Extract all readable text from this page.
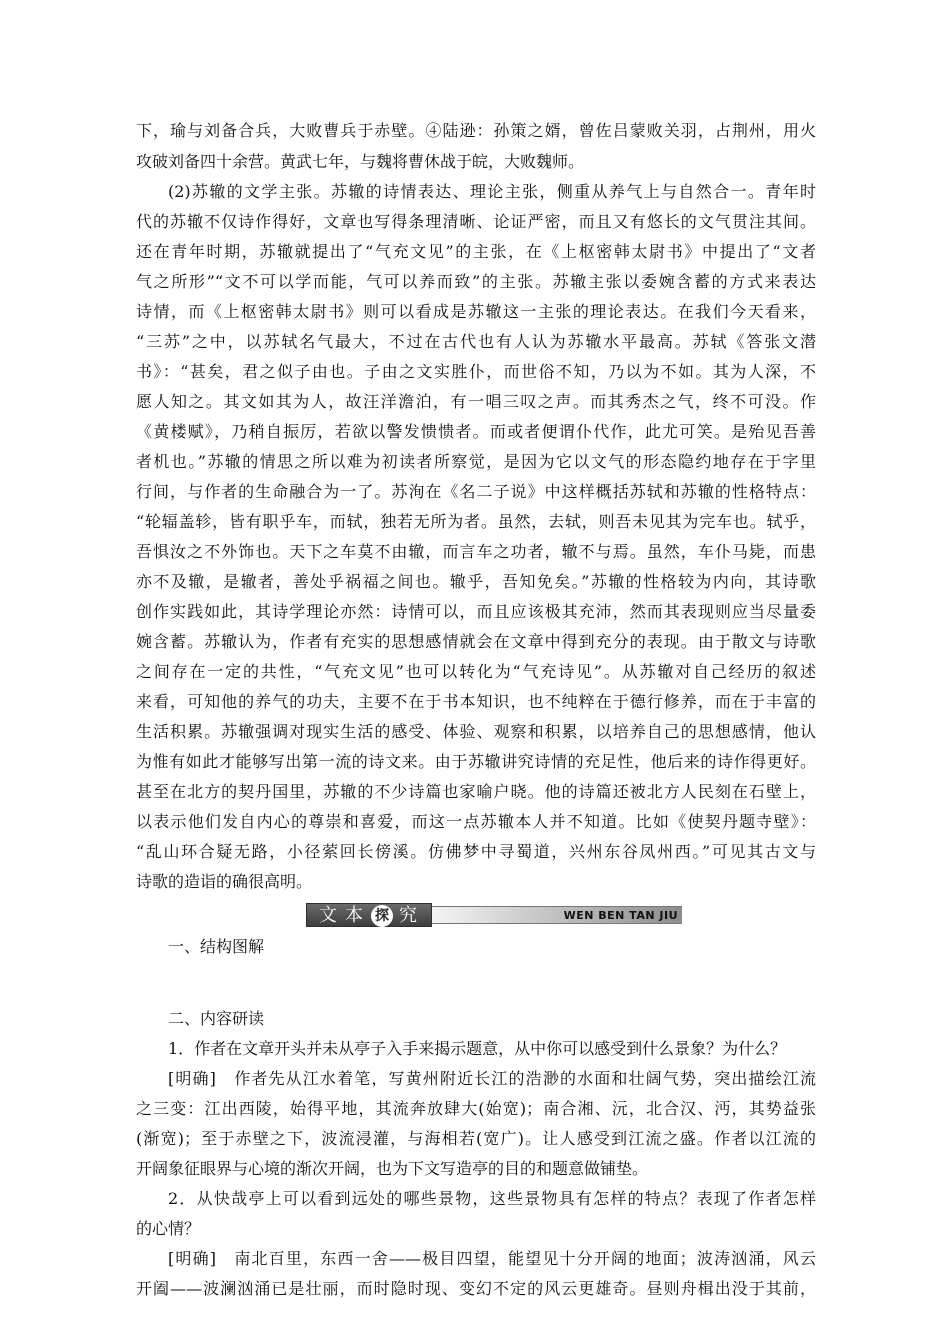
下，瑜与刘备合兵，大败曹兵于赤壁。④陆逊：孙策之婿，曾佐吕蒙败关羽，占荆州，用火
攻破刘备四十余营。黄武七年，与魏将曹休战于皖，大败魏师。
(2)苏辙的文学主张。苏辙的诗情表达、理论主张，侧重从养气上与自然合一。青年时
代的苏辙不仅诗作得好，文章也写得条理清晰、论证严密，而且又有悠长的文气贯注其间。
还在青年时期，苏辙就提出了“气充文见”的主张，在《上枢密韩太尉书》中提出了“文者
气之所形”“文不可以学而能，气可以养而致”的主张。苏辙主张以委婉含蓄的方式来表达
诗情，而《上枢密韩太尉书》则可以看成是苏辙这一主张的理论表达。在我们今天看来，
“三苏”之中，以苏轼名气最大，不过在古代也有人认为苏辙水平最高。苏轼《答张文潜
书》：“甚矣，君之似子由也。子由之文实胜仆，而世俗不知，乃以为不如。其为人深，不
愿人知之。其文如其为人，故汪洋澹泊，有一唱三叹之声。而其秀杰之气，终不可没。作
《黄楼赋》，乃稍自振厉，若欲以警发愦愦者。而或者便谓仆代作，此尤可笑。是殆见吾善
者机也。”苏辙的情思之所以难为初读者所察觉，是因为它以文气的形态隐约地存在于字里
行间，与作者的生命融合为一了。苏洵在《名二子说》中这样概括苏轼和苏辙的性格特点：
“轮辐盖轸，皆有职乎车，而轼，独若无所为者。虽然，去轼，则吾未见其为完车也。轼乎，
吾惧汝之不外饰也。天下之车莫不由辙，而言车之功者，辙不与焉。虽然，车仆马毙，而患
亦不及辙，是辙者，善处乎祸福之间也。辙乎，吾知免矣。”苏辙的性格较为内向，其诗歌
创作实践如此，其诗学理论亦然：诗情可以，而且应该极其充沛，然而其表现则应当尽量委
婉含蓄。苏辙认为，作者有充实的思想感情就会在文章中得到充分的表现。由于散文与诗歌
之间存在一定的共性，“气充文见”也可以转化为“气充诗见”。从苏辙对自己经历的叙述
来看，可知他的养气的功夫，主要不在于书本知识，也不纯粹在于德行修养，而在于丰富的
生活积累。苏辙强调对现实生活的感受、体验、观察和积累，以培养自己的思想感情，他认
为惟有如此才能够写出第一流的诗文来。由于苏辙讲究诗情的充足性，他后来的诗作得更好。
甚至在北方的契丹国里，苏辙的不少诗篇也家喻户晓。他的诗篇还被北方人民刻在石壁上，
以表示他们发自内心的尊崇和喜爱，而这一点苏辙本人并不知道。比如《使契丹题寺壁》：
“乱山环合疑无路，小径萦回长傍溪。仿佛梦中寻蜀道，兴州东谷凤州西。”可见其古文与
诗歌的造诣的确很高明。
文 本 探 究	WEN BEN TAN JIU
一、结构图解
二、内容研读
1．作者在文章开头并未从亭子入手来揭示题意，从中你可以感受到什么景象？为什么？
[明确]　作者先从江水着笔，写黄州附近长江的浩渺的水面和壮阔气势，突出描绘江流
之三变：江出西陵，始得平地，其流奔放肆大(始宽)；南合湘、沅，北合汉、沔，其势益张
(渐宽)；至于赤壁之下，波流浸灌，与海相若(宽广)。让人感受到江流之盛。作者以江流的
开阔象征眼界与心境的渐次开阔，也为下文写造亭的目的和题意做铺垫。
2．从快哉亭上可以看到远处的哪些景物，这些景物具有怎样的特点？表现了作者怎样
的心情？
[明确]　南北百里，东西一舍——极目四望，能望见十分开阔的地面；波涛汹涌，风云
开阖——波澜汹涌已是壮丽，而时隐时现、变幻不定的风云更雄奇。昼则舟楫出没于其前，
